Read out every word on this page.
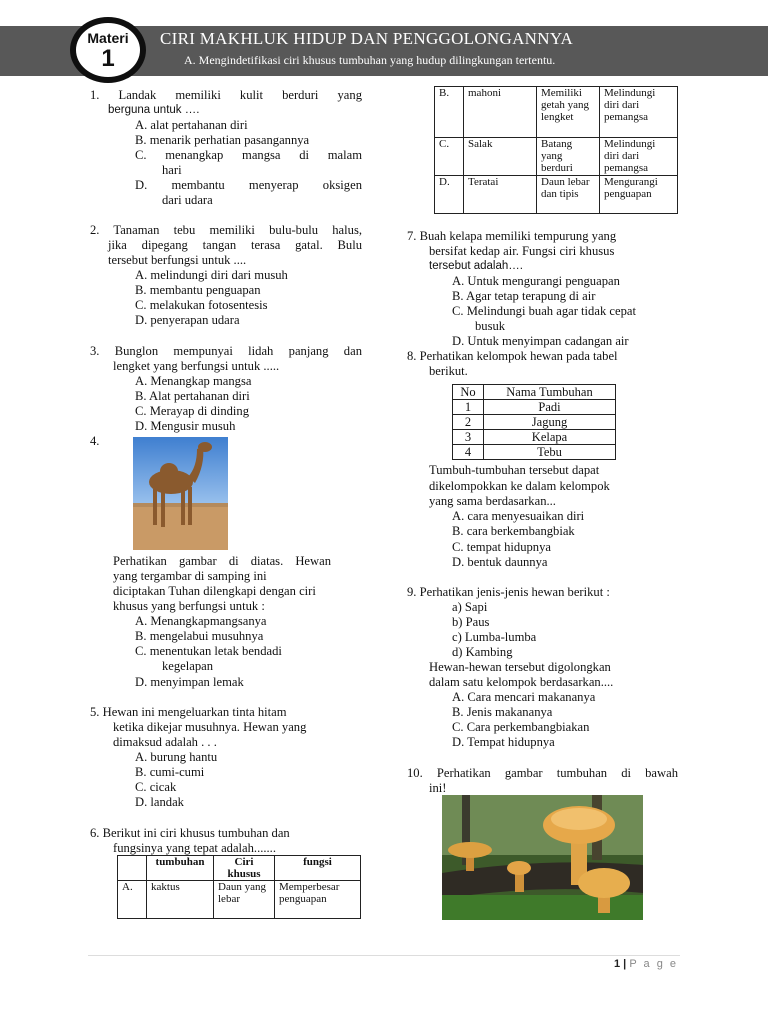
Materi
1
CIRI MAKHLUK HIDUP DAN PENGGOLONGANNYA
A. Mengindetifikasi ciri khusus tumbuhan yang hudup dilingkungan tertentu.
1. Landak memiliki kulit berduri yang
berguna untuk ….
A. alat pertahanan diri
B. menarik perhatian pasangannya
C. menangkap mangsa di malam
hari
D. membantu menyerap oksigen
dari udara
2. Tanaman tebu memiliki bulu-bulu halus,
jika dipegang tangan terasa gatal. Bulu
tersebut berfungsi untuk ....
A. melindungi diri dari musuh
B. membantu penguapan
C. melakukan fotosentesis
D. penyerapan udara
3. Bunglon mempunyai lidah panjang dan
lengket yang berfungsi untuk .....
A. Menangkap mangsa
B. Alat pertahanan diri
C. Merayap di dinding
D. Mengusir musuh
4.
Perhatikan gambar di diatas. Hewan
yang tergambar di samping ini
diciptakan Tuhan dilengkapi dengan ciri
khusus yang berfungsi untuk :
A. Menangkapmangsanya
B. mengelabui musuhnya
C. menentukan letak bendadi
kegelapan
D. menyimpan lemak
5. Hewan ini mengeluarkan tinta hitam
ketika dikejar musuhnya. Hewan yang
dimaksud adalah . . .
A. burung hantu
B. cumi-cumi
C. cicak
D. landak
6. Berikut ini ciri khusus tumbuhan dan
fungsinya yang tepat adalah.......
	tumbuhan	Ciri khusus	fungsi
A.	kaktus	Daun yang lebar	Memperbesar penguapan
B.	mahoni	Memiliki getah yang lengket	Melindungi diri dari pemangsa
C.	Salak	Batang yang berduri	Melindungi diri dari pemangsa
D.	Teratai	Daun lebar dan tipis	Mengurangi penguapan
7. Buah kelapa memiliki tempurung yang
bersifat kedap air. Fungsi ciri khusus
tersebut adalah….
A. Untuk mengurangi penguapan
B. Agar tetap terapung di air
C. Melindungi buah agar tidak cepat
busuk
D. Untuk menyimpan cadangan air
8. Perhatikan kelompok hewan pada tabel
berikut.
No	Nama Tumbuhan
1	Padi
2	Jagung
3	Kelapa
4	Tebu
Tumbuh-tumbuhan tersebut dapat
dikelompokkan ke dalam kelompok
yang sama berdasarkan...
A. cara menyesuaikan diri
B. cara berkembangbiak
C. tempat hidupnya
D. bentuk daunnya
9. Perhatikan jenis-jenis hewan berikut :
a) Sapi
b) Paus
c) Lumba-lumba
d) Kambing
Hewan-hewan tersebut digolongkan
dalam satu kelompok berdasarkan....
A. Cara mencari makananya
B. Jenis makananya
C. Cara perkembangbiakan
D. Tempat hidupnya
10. Perhatikan gambar tumbuhan di bawah
ini!
1 | P a g e
